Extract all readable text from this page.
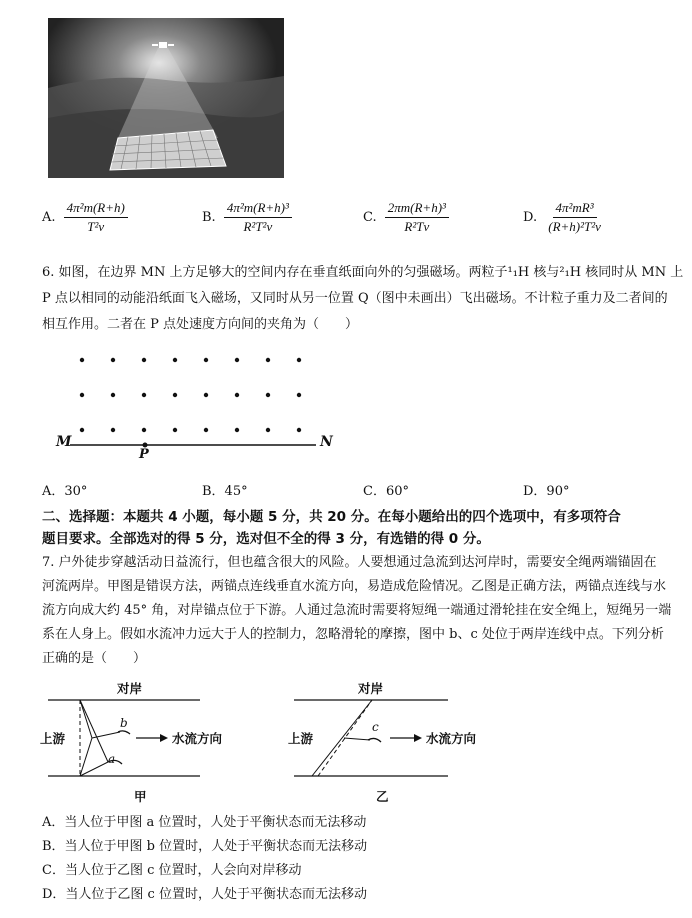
A. $\frac{\text{4π²m(R+h)}}{\text{T²v}}$	B. $\frac{\text{4π²m(R+h)³}}{\text{R²T²v}}$	C. $\frac{\text{2πm(R+h)³}}{\text{R²Tv}}$	D. $\frac{\text{4π²mR³}}{\text{(R+h)²T²v}}$
6. 如图，在边界 MN 上方足够大的空间内存在垂直纸面向外的匀强磁场。两粒子¹₁H 核与²₁H 核同时从 MN 上
P 点以相同的动能沿纸面飞入磁场，又同时从另一位置 Q（图中未画出）飞出磁场。不计粒子重力及二者间的
相互作用。二者在 P 点处速度方向间的夹角为（　　）
M	N
P
A．30°	B．45°	C．60°	D．90°
二、选择题：本题共 4 小题，每小题 5 分，共 20 分。在每小题给出的四个选项中，有多项符合
题目要求。全部选对的得 5 分，选对但不全的得 3 分，有选错的得 0 分。
7. 户外徒步穿越活动日益流行，但也蕴含很大的风险。人要想通过急流到达河岸时，需要安全绳两端锚固在
河流两岸。甲图是错误方法，两锚点连线垂直水流方向，易造成危险情况。乙图是正确方法，两锚点连线与水
流方向成大约 45° 角，对岸锚点位于下游。人通过急流时需要将短绳一端通过滑轮挂在安全绳上，短绳另一端
系在人身上。假如水流冲力远大于人的控制力，忽略滑轮的摩擦，图中 b、c 处位于两岸连线中点。下列分析
正确的是（　　）
对岸
上游	水流方向
b
a
甲
对岸
上游	水流方向
c
乙
A．当人位于甲图 a 位置时，人处于平衡状态而无法移动
B．当人位于甲图 b 位置时，人处于平衡状态而无法移动
C．当人位于乙图 c 位置时，人会向对岸移动
D．当人位于乙图 c 位置时，人处于平衡状态而无法移动
